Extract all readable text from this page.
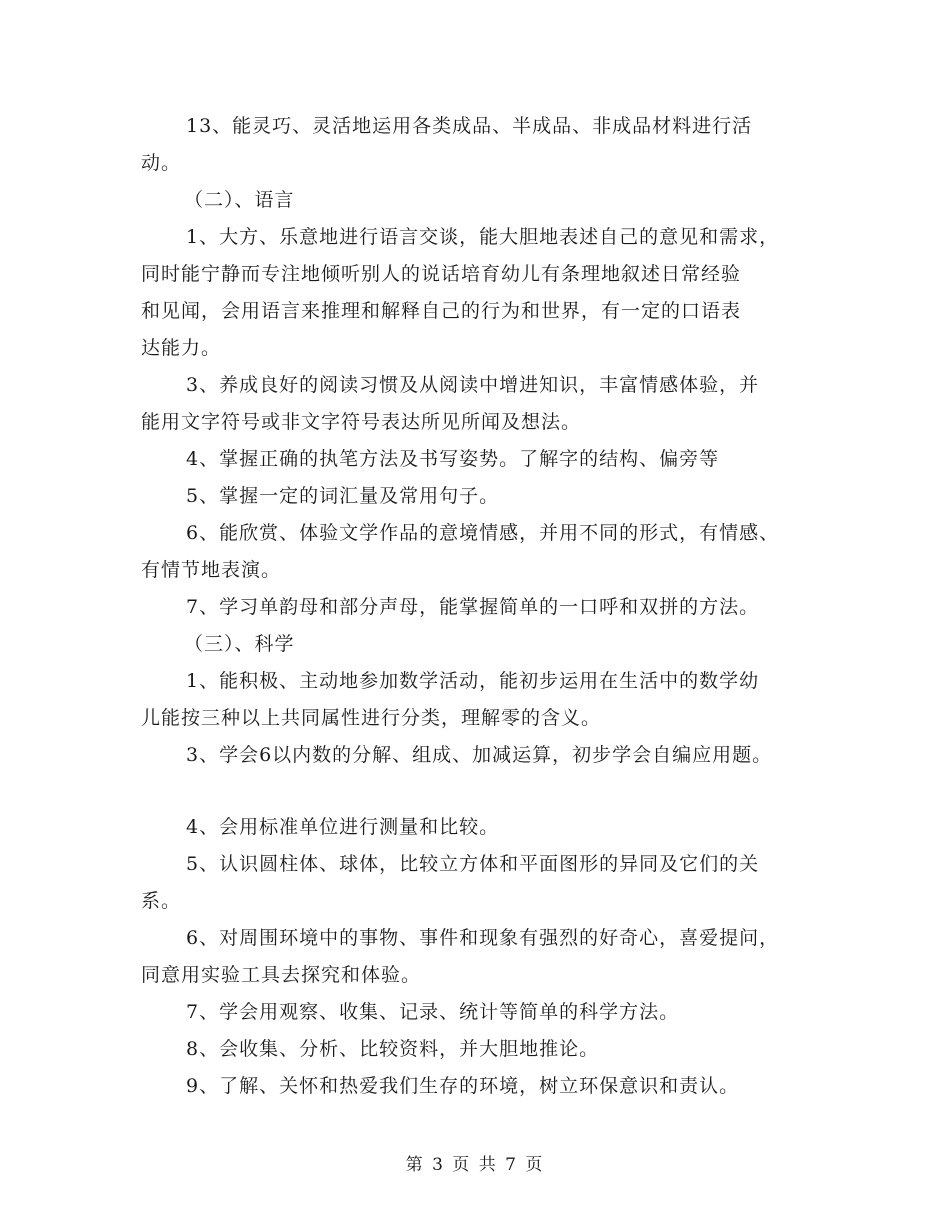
13、能灵巧、灵活地运用各类成品、半成品、非成品材料进行活
动。
（二）、语言
1、大方、乐意地进行语言交谈，能大胆地表述自己的意见和需求，
同时能宁静而专注地倾听别人的说话培育幼儿有条理地叙述日常经验
和见闻，会用语言来推理和解释自己的行为和世界，有一定的口语表
达能力。
3、养成良好的阅读习惯及从阅读中增进知识，丰富情感体验，并
能用文字符号或非文字符号表达所见所闻及想法。
4、掌握正确的执笔方法及书写姿势。了解字的结构、偏旁等
5、掌握一定的词汇量及常用句子。
6、能欣赏、体验文学作品的意境情感，并用不同的形式，有情感、
有情节地表演。
7、学习单韵母和部分声母，能掌握简单的一口呼和双拼的方法。
（三）、科学
1、能积极、主动地参加数学活动，能初步运用在生活中的数学幼
儿能按三种以上共同属性进行分类，理解零的含义。
3、学会6以内数的分解、组成、加减运算，初步学会自编应用题。
4、会用标准单位进行测量和比较。
5、认识圆柱体、球体，比较立方体和平面图形的异同及它们的关
系。
6、对周围环境中的事物、事件和现象有强烈的好奇心，喜爱提问，
同意用实验工具去探究和体验。
7、学会用观察、收集、记录、统计等简单的科学方法。
8、会收集、分析、比较资料，并大胆地推论。
9、了解、关怀和热爱我们生存的环境，树立环保意识和责认。
第 3 页 共 7 页
